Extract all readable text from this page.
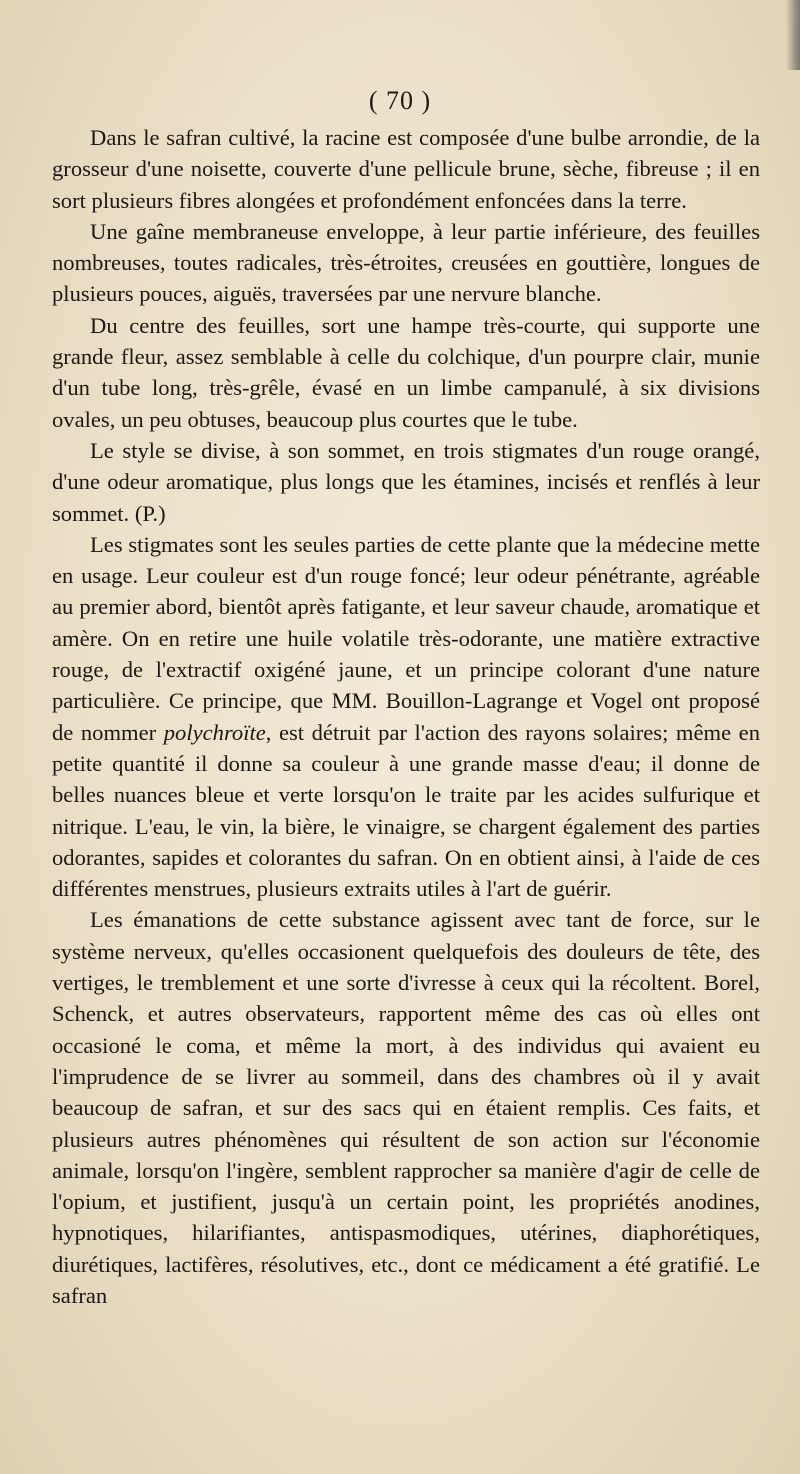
( 70 )

Dans le safran cultivé, la racine est composée d'une bulbe arrondie, de la grosseur d'une noisette, couverte d'une pellicule brune, sèche, fibreuse ; il en sort plusieurs fibres alongées et profondément enfoncées dans la terre.

Une gaîne membraneuse enveloppe, à leur partie inférieure, des feuilles nombreuses, toutes radicales, très-étroites, creusées en gouttière, longues de plusieurs pouces, aiguës, traversées par une nervure blanche.

Du centre des feuilles, sort une hampe très-courte, qui supporte une grande fleur, assez semblable à celle du colchique, d'un pourpre clair, munie d'un tube long, très-grêle, évasé en un limbe campanulé, à six divisions ovales, un peu obtuses, beaucoup plus courtes que le tube.

Le style se divise, à son sommet, en trois stigmates d'un rouge orangé, d'une odeur aromatique, plus longs que les étamines, incisés et renflés à leur sommet. (P.)

Les stigmates sont les seules parties de cette plante que la médecine mette en usage. Leur couleur est d'un rouge foncé; leur odeur pénétrante, agréable au premier abord, bientôt après fatigante, et leur saveur chaude, aromatique et amère. On en retire une huile volatile très-odorante, une matière extractive rouge, de l'extractif oxigéné jaune, et un principe colorant d'une nature particulière. Ce principe, que MM. Bouillon-Lagrange et Vogel ont proposé de nommer polychroïte, est détruit par l'action des rayons solaires; même en petite quantité il donne sa couleur à une grande masse d'eau; il donne de belles nuances bleue et verte lorsqu'on le traite par les acides sulfurique et nitrique. L'eau, le vin, la bière, le vinaigre, se chargent également des parties odorantes, sapides et colorantes du safran. On en obtient ainsi, à l'aide de ces différentes menstrues, plusieurs extraits utiles à l'art de guérir.

Les émanations de cette substance agissent avec tant de force, sur le système nerveux, qu'elles occasionent quelquefois des douleurs de tête, des vertiges, le tremblement et une sorte d'ivresse à ceux qui la récoltent. Borel, Schenck, et autres observateurs, rapportent même des cas où elles ont occasioné le coma, et même la mort, à des individus qui avaient eu l'imprudence de se livrer au sommeil, dans des chambres où il y avait beaucoup de safran, et sur des sacs qui en étaient remplis. Ces faits, et plusieurs autres phénomènes qui résultent de son action sur l'économie animale, lorsqu'on l'ingère, semblent rapprocher sa manière d'agir de celle de l'opium, et justifient, jusqu'à un certain point, les propriétés anodines, hypnotiques, hilarifiantes, antispasmodiques, utérines, diaphorétiques, diurétiques, lactifères, résolutives, etc., dont ce médicament a été gratifié. Le safran
